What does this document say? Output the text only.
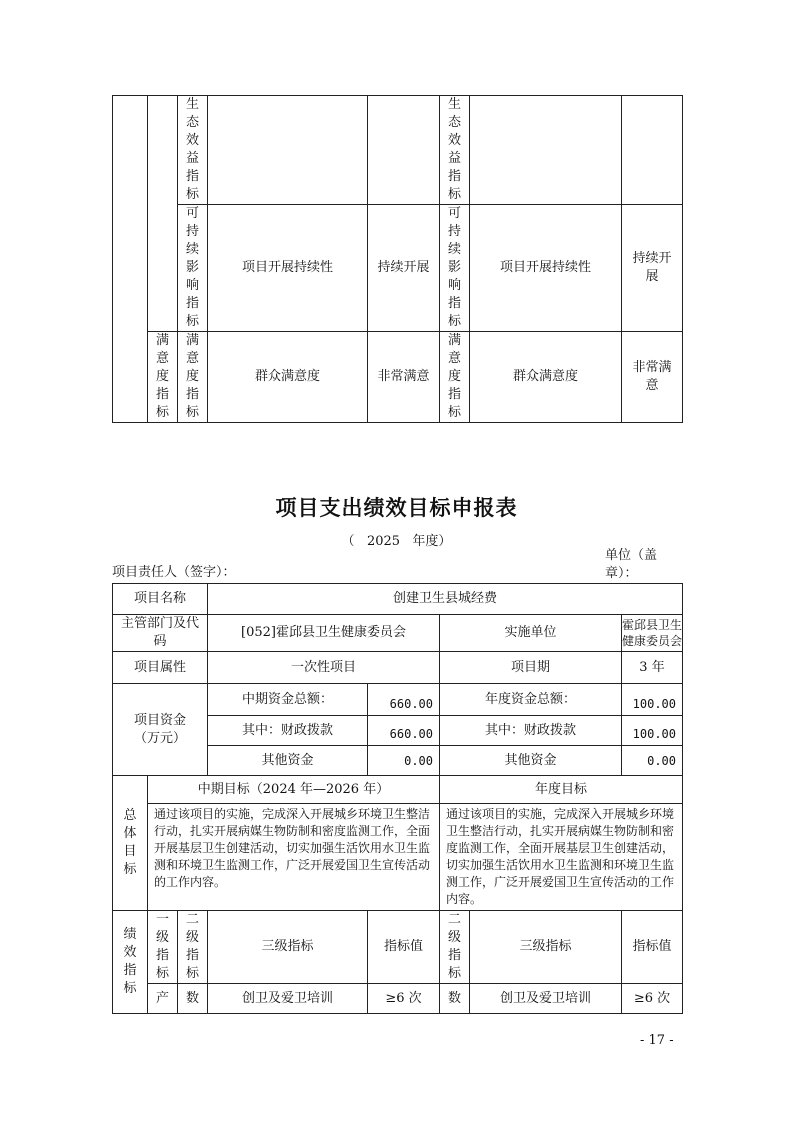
		生态效益指标			生态效益指标		

		可持续影响指标	项目开展持续性	持续开展	可持续影响指标	项目开展持续性	持续开展

	满意度指标	满意度指标	群众满意度	非常满意	满意度指标	群众满意度	非常满意
项目支出绩效目标申报表
（   2025   年度）
项目责任人（签字）：
单位（盖章）：
项目名称			创建卫生县城经费				

主管部门及代码			[052]霍邱县卫生健康委员会		实施单位		霍邱县卫生健康委员会

项目属性			一次性项目		项目期		3 年

项目资金（万元）			中期资金总额：	660.00	年度资金总额：		100.00
			其中：财政拨款	660.00	其中：财政拨款		100.00
			其他资金	0.00	其他资金		0.00

总体目标	中期目标（2024 年—2026 年）				年度目标		
	通过该项目的实施，完成深入开展城乡环境卫生整洁行动，扎实开展病媒生物防制和密度监测工作，全面开展基层卫生创建活动，切实加强生活饮用水卫生监测和环境卫生监测工作，广泛开展爱国卫生宣传活动的工作内容。				通过该项目的实施，完成深入开展城乡环境卫生整洁行动，扎实开展病媒生物防制和密度监测工作，全面开展基层卫生创建活动，切实加强生活饮用水卫生监测和环境卫生监测工作，广泛开展爱国卫生宣传活动的工作内容。		

绩效指标	一级指标	二级指标	三级指标	指标值	二级指标	三级指标	指标值
	产	数	创卫及爱卫培训	≥6 次	数	创卫及爱卫培训	≥6 次
- 17 -
